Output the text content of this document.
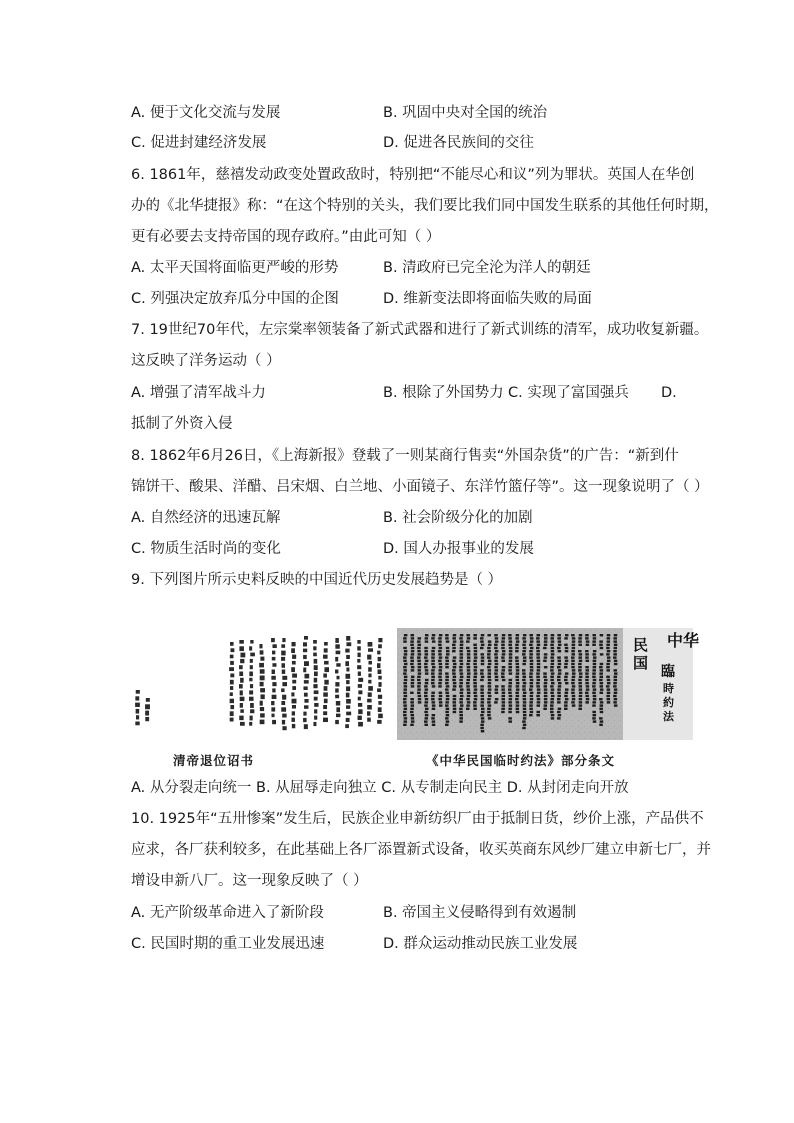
A. 便于文化交流与发展	B. 巩固中央对全国的统治
C. 促进封建经济发展	D. 促进各民族间的交往
6. 1861年，慈禧发动政变处置政敌时，特别把“不能尽心和议”列为罪状。英国人在华创
办的《北华捷报》称：“在这个特别的关头，我们要比我们同中国发生联系的其他任何时期，
更有必要去支持帝国的现存政府。”由此可知（ ）
A. 太平天国将面临更严峻的形势	B. 清政府已完全沦为洋人的朝廷
C. 列强决定放弃瓜分中国的企图	D. 维新变法即将面临失败的局面
7. 19世纪70年代，左宗棠率领装备了新式武器和进行了新式训练的清军，成功收复新疆。
这反映了洋务运动（ ）
A. 增强了清军战斗力	B. 根除了外国势力 C. 实现了富国强兵 D.
抵制了外资入侵
8. 1862年6月26日，《上海新报》登载了一则某商行售卖“外国杂货”的广告：“新到什
锦饼干、酸果、洋醋、吕宋烟、白兰地、小面镜子、东洋竹篮仔等”。这一现象说明了（ ）
A. 自然经济的迅速瓦解	B. 社会阶级分化的加剧
C. 物质生活时尚的变化	D. 国人办报事业的发展
9. 下列图片所示史料反映的中国近代历史发展趋势是（ ）
中华
民国 臨時約法
清帝退位诏书	《中华民国临时约法》部分条文
A. 从分裂走向统一 B. 从屈辱走向独立 C. 从专制走向民主 D. 从封闭走向开放
10. 1925年“五卅惨案”发生后，民族企业申新纺织厂由于抵制日货，纱价上涨，产品供不
应求，各厂获利较多，在此基础上各厂添置新式设备，收买英商东风纱厂建立申新七厂，并
增设申新八厂。这一现象反映了（ ）
A. 无产阶级革命进入了新阶段	B. 帝国主义侵略得到有效遏制
C. 民国时期的重工业发展迅速	D. 群众运动推动民族工业发展
